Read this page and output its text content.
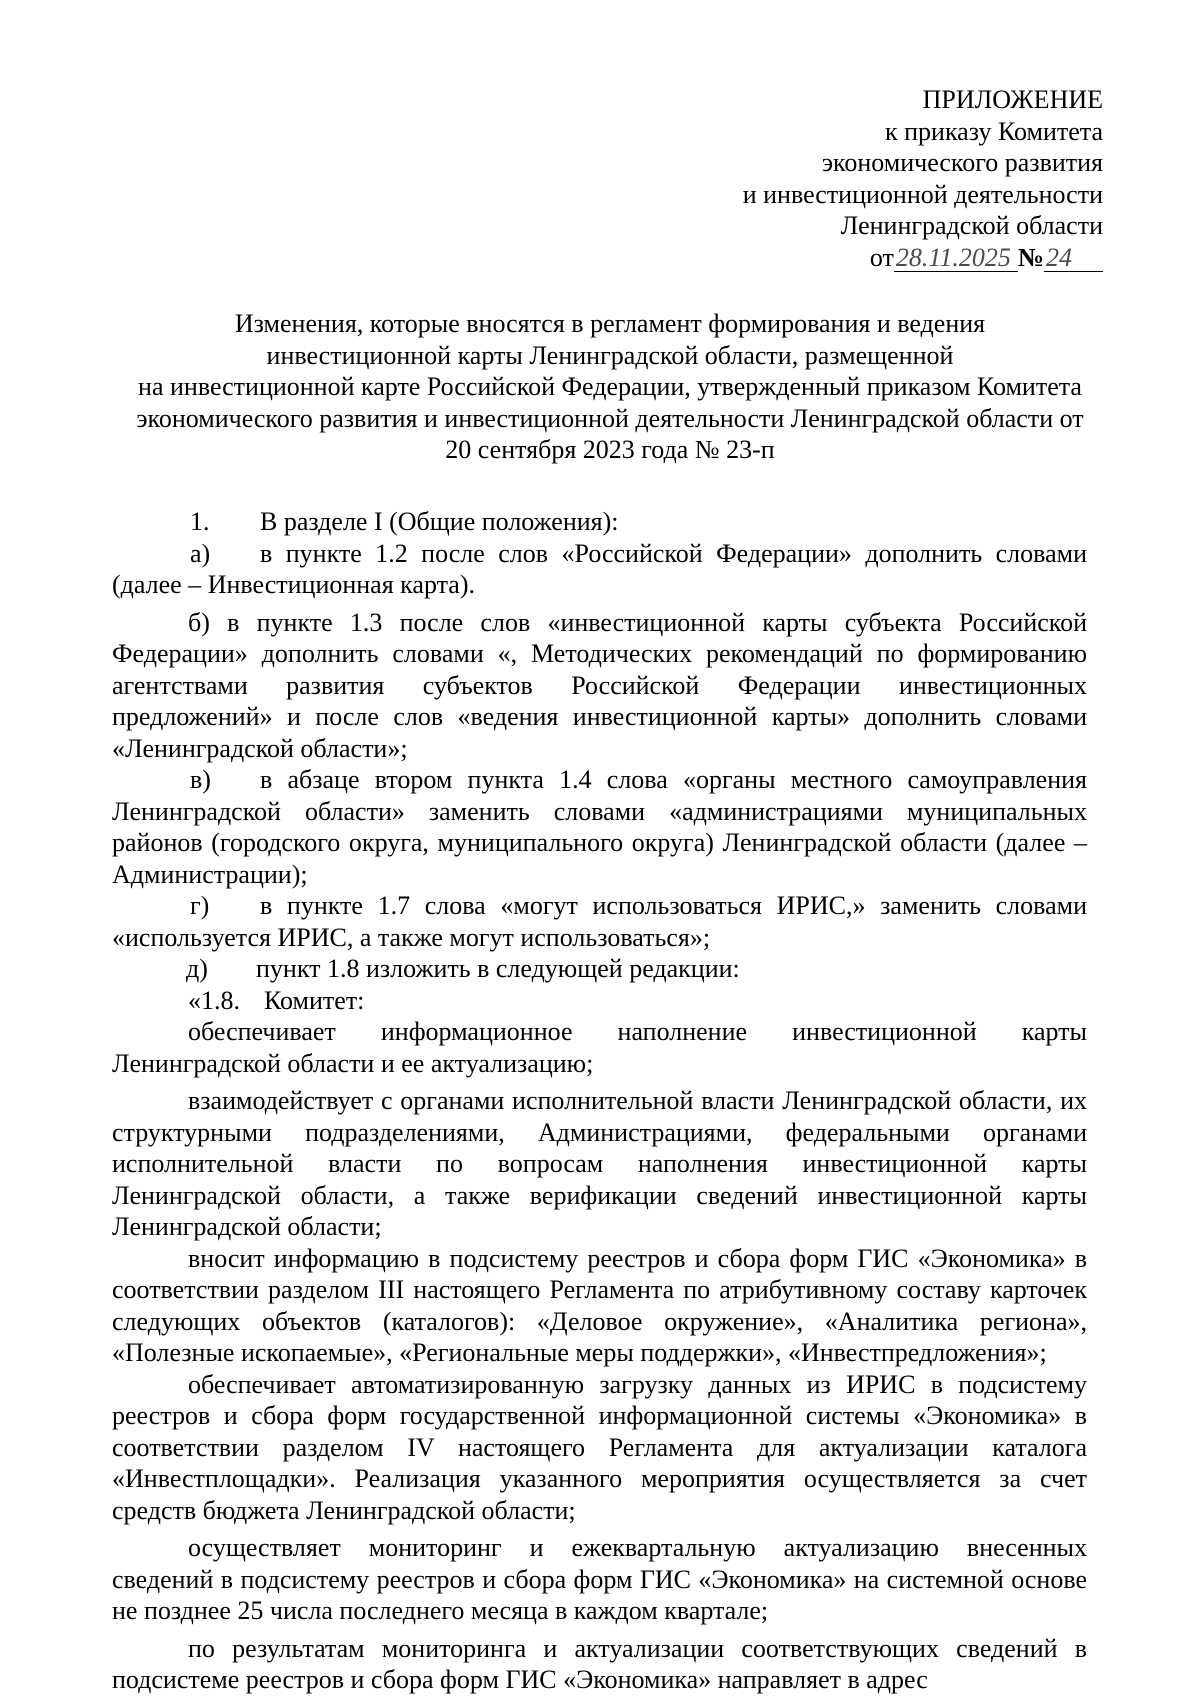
ПРИЛОЖЕНИЕ
к приказу Комитета
экономического развития
и инвестиционной деятельности
Ленинградской области
от28.11.2025 №24
Изменения, которые вносятся в регламент формирования и ведения
инвестиционной карты Ленинградской области, размещенной
на инвестиционной карте Российской Федерации, утвержденный приказом Комитета
экономического развития и инвестиционной деятельности Ленинградской области от
20 сентября 2023 года № 23-п
1. В разделе I (Общие положения):
а) в пункте 1.2 после слов «Российской Федерации» дополнить словами (далее – Инвестиционная карта).
б) в пункте 1.3 после слов «инвестиционной карты субъекта Российской Федерации» дополнить словами «, Методических рекомендаций по формированию агентствами развития субъектов Российской Федерации инвестиционных предложений» и после слов «ведения инвестиционной карты» дополнить словами «Ленинградской области»;
в) в абзаце втором пункта 1.4 слова «органы местного самоуправления Ленинградской области» заменить словами «администрациями муниципальных районов (городского округа, муниципального округа) Ленинградской области (далее – Администрации);
г) в пункте 1.7 слова «могут использоваться ИРИС,» заменить словами «используется ИРИС, а также могут использоваться»;
д) пункт 1.8 изложить в следующей редакции:
«1.8. Комитет:
обеспечивает информационное наполнение инвестиционной карты Ленинградской области и ее актуализацию;
взаимодействует с органами исполнительной власти Ленинградской области, их структурными подразделениями, Администрациями, федеральными органами исполнительной власти по вопросам наполнения инвестиционной карты Ленинградской области, а также верификации сведений инвестиционной карты Ленинградской области;
вносит информацию в подсистему реестров и сбора форм ГИС «Экономика» в соответствии разделом III настоящего Регламента по атрибутивному составу карточек следующих объектов (каталогов): «Деловое окружение», «Аналитика региона», «Полезные ископаемые», «Региональные меры поддержки», «Инвестпредложения»;
обеспечивает автоматизированную загрузку данных из ИРИС в подсистему реестров и сбора форм государственной информационной системы «Экономика» в соответствии разделом IV настоящего Регламента для актуализации каталога «Инвестплощадки». Реализация указанного мероприятия осуществляется за счет средств бюджета Ленинградской области;
осуществляет мониторинг и ежеквартальную актуализацию внесенных сведений в подсистему реестров и сбора форм ГИС «Экономика» на системной основе не позднее 25 числа последнего месяца в каждом квартале;
по результатам мониторинга и актуализации соответствующих сведений в подсистеме реестров и сбора форм ГИС «Экономика» направляет в адрес
